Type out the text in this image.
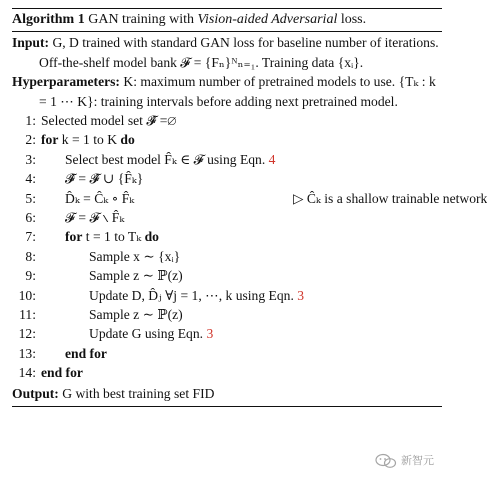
Algorithm 1 GAN training with Vision-aided Adversarial loss.
Input: G, D trained with standard GAN loss for baseline number of iterations. Off-the-shelf model bank 𝓕 = {Fₙ}ᴺₙ₌₁. Training data {xᵢ}.
Hyperparameters: K: maximum number of pretrained models to use. {Tₖ : k = 1 ⋯ K}: training intervals before adding next pretrained model.
1: Selected model set 𝓕̂ =∅
2: for k = 1 to K do
3: Select best model F̂ₖ ∈ 𝓕 using Eqn. 4
4: 𝓕̂ = 𝓕̂ ∪ {F̂ₖ}
5: D̂ₖ = Ĉₖ ∘ F̂ₖ	▷ Ĉₖ is a shallow trainable network
6: 𝓕 = 𝓕 ∖ F̂ₖ
7: for t = 1 to Tₖ do
8:	Sample x ∼ {xᵢ}
9:	Sample z ∼ ℙ(z)
10:	Update D, D̂ⱼ ∀j = 1, ⋯, k using Eqn. 3
11:	Sample z ∼ ℙ(z)
12:	Update G using Eqn. 3
13: end for
14: end for
Output: G with best training set FID
新智元
